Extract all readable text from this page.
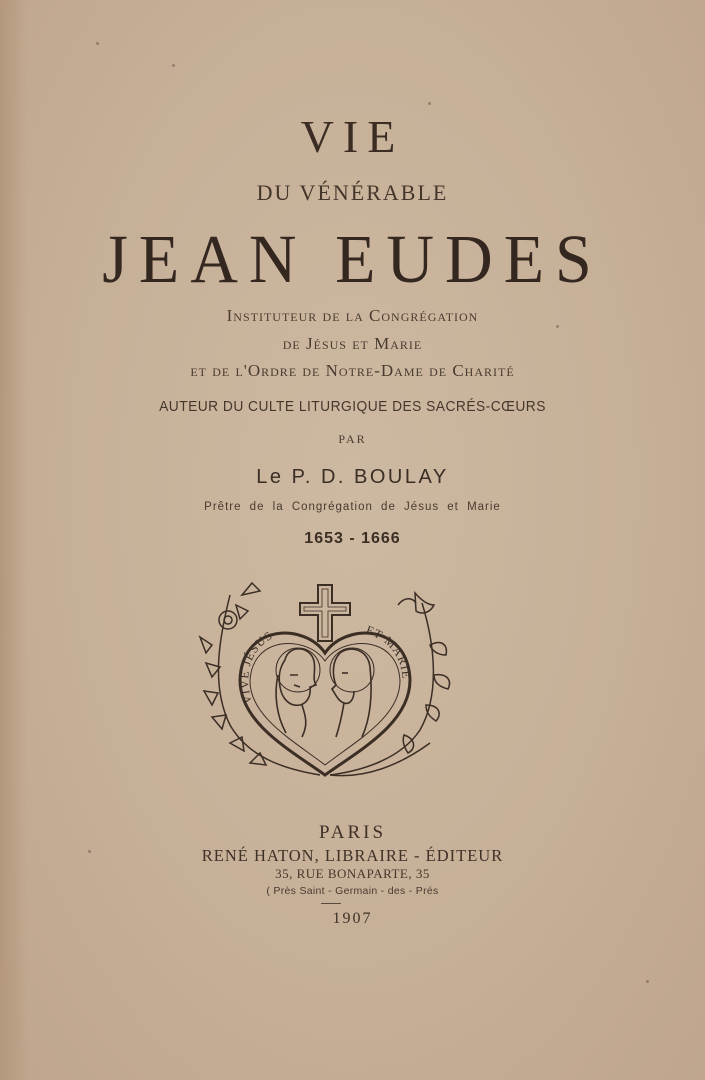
VIE
DU VÉNÉRABLE
JEAN EUDES
Instituteur de la Congrégation
de Jésus et Marie
et de l'Ordre de Notre-Dame de Charité
AUTEUR DU CULTE LITURGIQUE DES SACRÉS-CŒURS
PAR
Le P. D. BOULAY
Prêtre de la Congrégation de Jésus et Marie
1653 - 1666
VIVE JÉSUS	ET MARIE
PARIS
RENÉ HATON, LIBRAIRE - ÉDITEUR
35, RUE BONAPARTE, 35
( Près Saint - Germain - des - Prés
1907
